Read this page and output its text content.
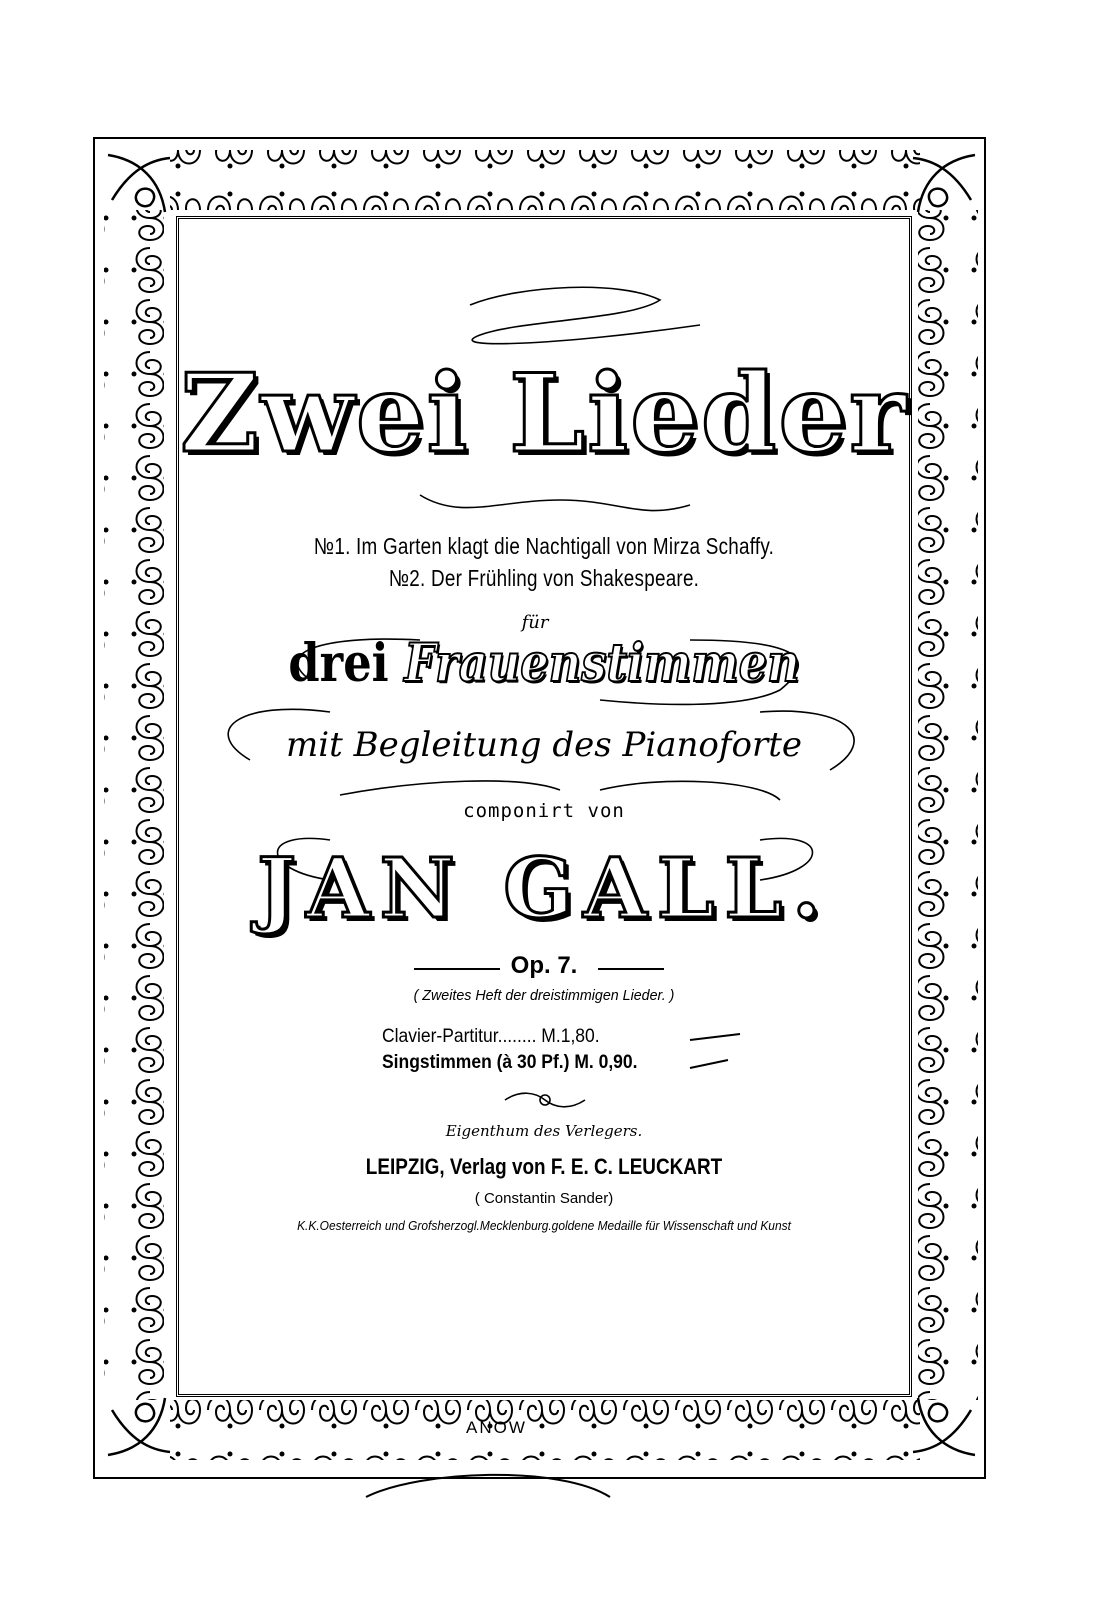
Zwei Lieder
№1. Im Garten klagt die Nachtigall von Mirza Schaffy.
№2. Der Frühling von Shakespeare.
für
drei Frauenstimmen
mit Begleitung des Pianoforte
componirt von
JAN GALL.
Op. 7.
( Zweites Heft der dreistimmigen Lieder. )
Clavier-Partitur........ M.1,80.
Singstimmen (à 30 Pf.) M. 0,90.
Eigenthum des Verlegers.
LEIPZIG, Verlag von F. E. C. LEUCKART
( Constantin Sander)
K.K.Oesterreich und Grofsherzogl.Mecklenburg.goldene Medaille für Wissenschaft und Kunst
ANOW
